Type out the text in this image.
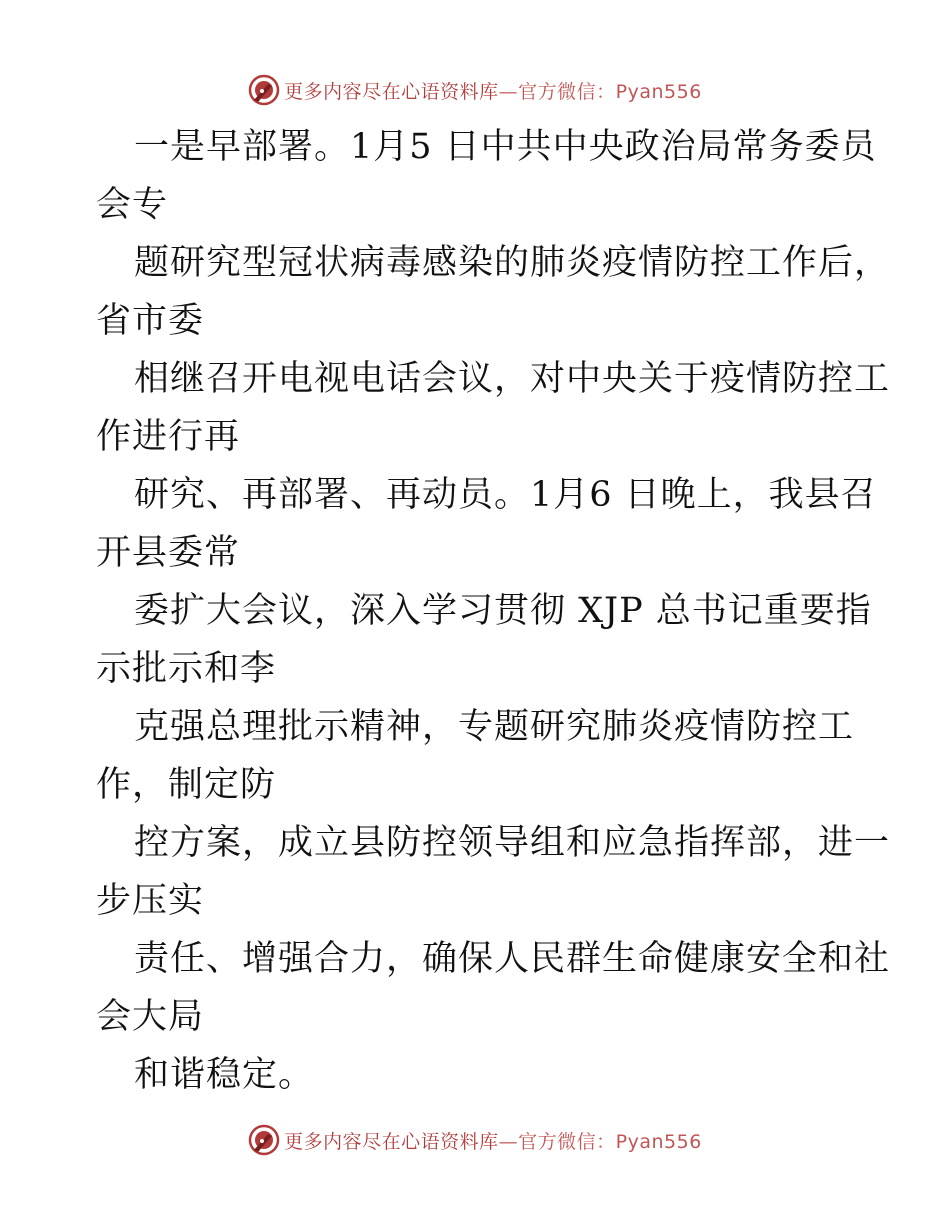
更多内容尽在心语资料库—官方微信：Pyan556
一是早部署。1月5 日中共中央政治局常务委员
会专
题研究型冠状病毒感染的肺炎疫情防控工作后，
省市委
相继召开电视电话会议，对中央关于疫情防控工
作进行再
研究、再部署、再动员。1月6 日晚上，我县召
开县委常
委扩大会议，深入学习贯彻 XJP 总书记重要指
示批示和李
克强总理批示精神，专题研究肺炎疫情防控工
作，制定防
控方案，成立县防控领导组和应急指挥部，进一
步压实
责任、增强合力，确保人民群生命健康安全和社
会大局
和谐稳定。
更多内容尽在心语资料库—官方微信：Pyan556
